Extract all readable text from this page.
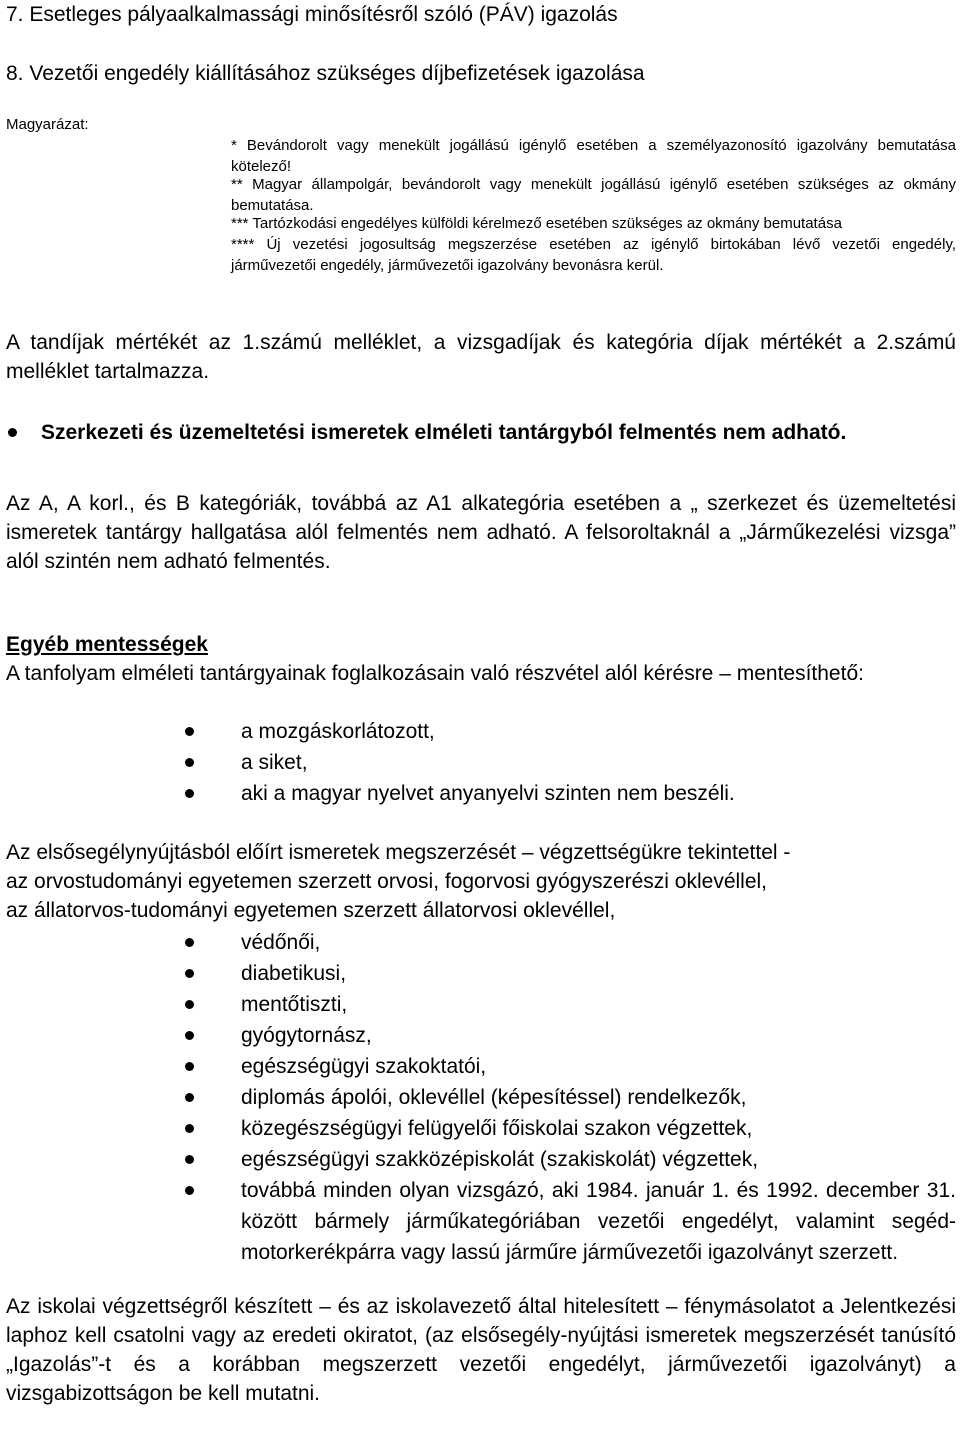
7. Esetleges pályaalkalmassági minősítésről szóló (PÁV) igazolás
8. Vezetői engedély kiállításához szükséges díjbefizetések igazolása
Magyarázat:
* Bevándorolt vagy menekült jogállású igénylő esetében a személyazonosító igazolvány bemutatása kötelező!
** Magyar állampolgár, bevándorolt vagy menekült jogállású igénylő esetében szükséges az okmány bemutatása.
*** Tartózkodási engedélyes külföldi kérelmező esetében szükséges az okmány bemutatása
**** Új vezetési jogosultság megszerzése esetében az igénylő birtokában lévő vezetői engedély, járművezetői engedély, járművezetői igazolvány bevonásra kerül.
A tandíjak mértékét az 1.számú melléklet, a vizsgadíjak és kategória díjak mértékét a 2.számú melléklet tartalmazza.
Szerkezeti és üzemeltetési ismeretek elméleti tantárgyból felmentés nem adható.
Az A, A korl., és B kategóriák, továbbá az A1 alkategória esetében a „ szerkezet és üzemeltetési ismeretek tantárgy hallgatása alól felmentés nem adható. A felsoroltaknál a „Járműkezelési vizsga” alól szintén nem adható felmentés.
Egyéb mentességek
A tanfolyam elméleti tantárgyainak foglalkozásain való részvétel alól kérésre – mentesíthető:
a mozgáskorlátozott,
a siket,
aki a magyar nyelvet anyanyelvi szinten nem beszéli.
Az elsősegélynyújtásból előírt ismeretek megszerzését – végzettségükre tekintettel -
az orvostudományi egyetemen szerzett orvosi, fogorvosi gyógyszerészi oklevéllel,
az állatorvos-tudományi egyetemen szerzett állatorvosi oklevéllel,
védőnői,
diabetikusi,
mentőtiszti,
gyógytornász,
egészségügyi szakoktatói,
diplomás ápolói, oklevéllel (képesítéssel) rendelkezők,
közegészségügyi felügyelői főiskolai szakon végzettek,
egészségügyi szakközépiskolát (szakiskolát) végzettek,
továbbá minden olyan vizsgázó, aki 1984. január 1. és 1992. december 31. között bármely járműkategóriában vezetői engedélyt, valamint segéd-motorkerékpárra vagy lassú járműre járművezetői igazolványt szerzett.
Az iskolai végzettségről készített – és az iskolavezető által hitelesített – fénymásolatot a Jelentkezési laphoz kell csatolni vagy az eredeti okiratot, (az elsősegély-nyújtási ismeretek megszerzését tanúsító „Igazolás”-t és a korábban megszerzett vezetői engedélyt, járművezetői igazolványt) a vizsgabizottságon be kell mutatni.
